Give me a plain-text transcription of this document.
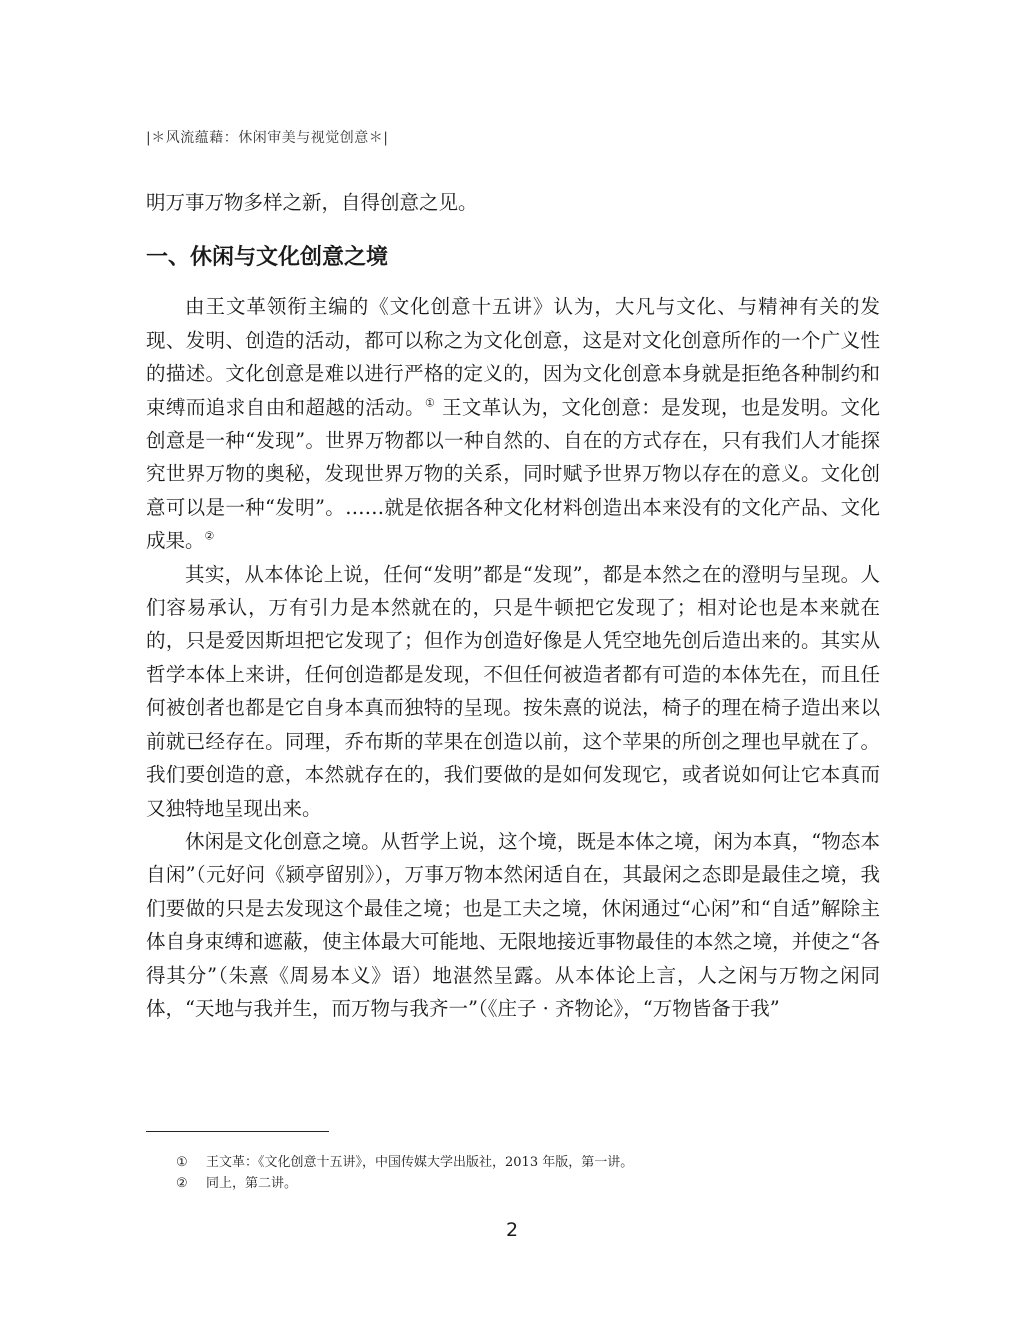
|＊风流蕴藉：休闲审美与视觉创意＊|

明万事万物多样之新，自得创意之见。

一、休闲与文化创意之境

由王文革领衔主编的《文化创意十五讲》认为，大凡与文化、与精神有关的发现、发明、创造的活动，都可以称之为文化创意，这是对文化创意所作的一个广义性的描述。文化创意是难以进行严格的定义的，因为文化创意本身就是拒绝各种制约和束缚而追求自由和超越的活动。① 王文革认为，文化创意：是发现，也是发明。文化创意是一种“发现”。世界万物都以一种自然的、自在的方式存在，只有我们人才能探究世界万物的奥秘，发现世界万物的关系，同时赋予世界万物以存在的意义。文化创意可以是一种“发明”。……就是依据各种文化材料创造出本来没有的文化产品、文化成果。②

其实，从本体论上说，任何“发明”都是“发现”，都是本然之在的澄明与呈现。人们容易承认，万有引力是本然就在的，只是牛顿把它发现了；相对论也是本来就在的，只是爱因斯坦把它发现了；但作为创造好像是人凭空地先创后造出来的。其实从哲学本体上来讲，任何创造都是发现，不但任何被造者都有可造的本体先在，而且任何被创者也都是它自身本真而独特的呈现。按朱熹的说法，椅子的理在椅子造出来以前就已经存在。同理，乔布斯的苹果在创造以前，这个苹果的所创之理也早就在了。我们要创造的意，本然就存在的，我们要做的是如何发现它，或者说如何让它本真而又独特地呈现出来。

休闲是文化创意之境。从哲学上说，这个境，既是本体之境，闲为本真，“物态本自闲”（元好问《颍亭留别》），万事万物本然闲适自在，其最闲之态即是最佳之境，我们要做的只是去发现这个最佳之境；也是工夫之境，休闲通过“心闲”和“自适”解除主体自身束缚和遮蔽，使主体最大可能地、无限地接近事物最佳的本然之境，并使之“各得其分”（朱熹《周易本义》语）地湛然呈露。从本体论上言，人之闲与万物之闲同体，“天地与我并生，而万物与我齐一”（《庄子 · 齐物论》，“万物皆备于我”

① 王文革：《文化创意十五讲》，中国传媒大学出版社，2013 年版，第一讲。

② 同上，第二讲。

2
